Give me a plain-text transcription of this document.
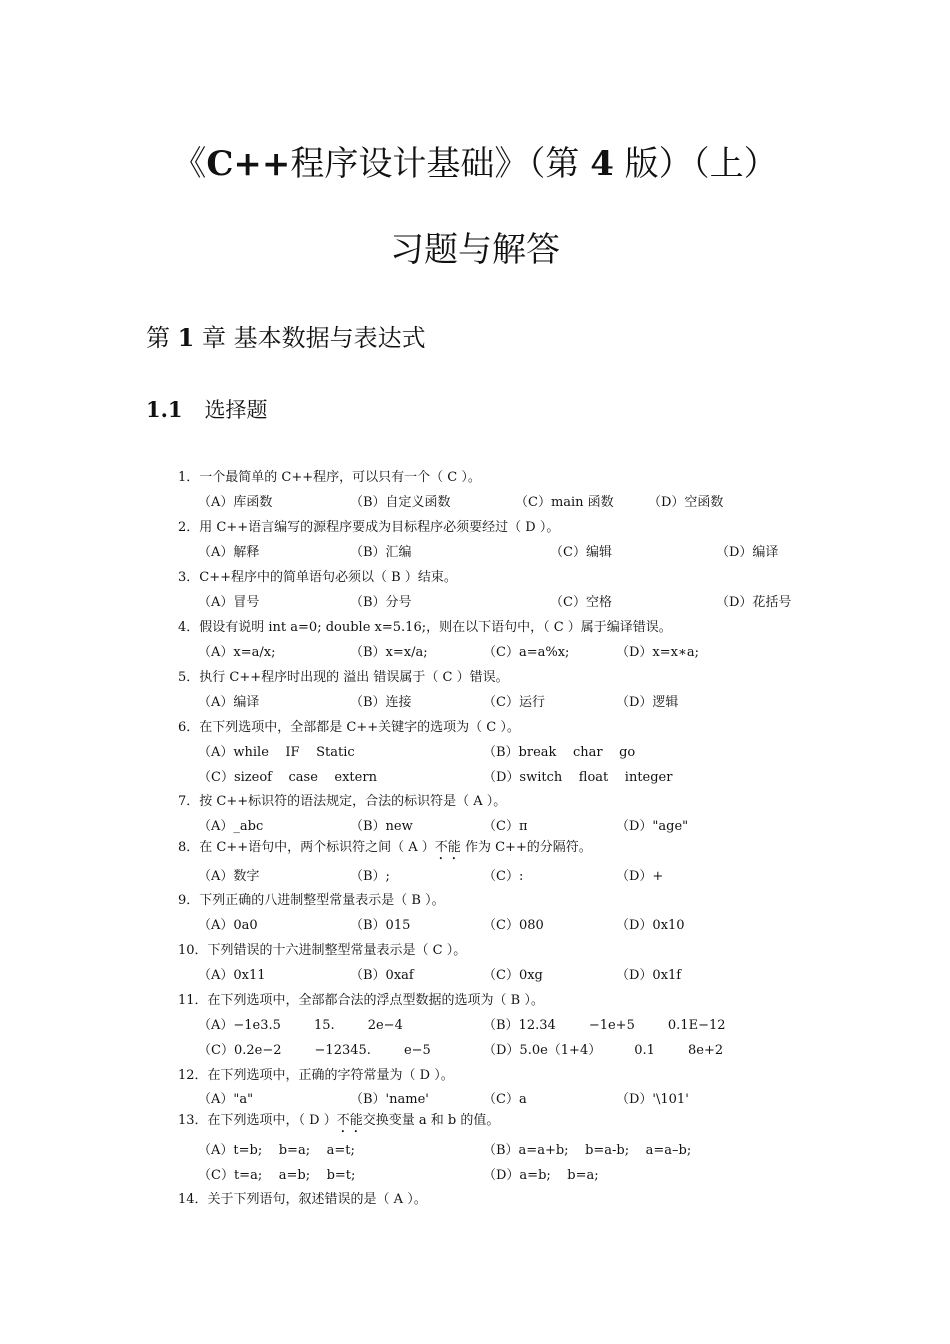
《C++程序设计基础》（第 4 版）（上）
习题与解答
第 1 章 基本数据与表达式
1.1 选择题
1．一个最简单的 C++程序，可以只有一个（ C ）。
（A）库函数	（B）自定义函数	（C）main 函数	（D）空函数
2．用 C++语言编写的源程序要成为目标程序必须要经过（ D ）。
（A）解释	（B）汇编	（C）编辑	（D）编译
3．C++程序中的简单语句必须以（ B ）结束。
（A）冒号	（B）分号	（C）空格	（D）花括号
4．假设有说明 int a=0; double x=5.16;，则在以下语句中，（ C ）属于编译错误。
（A）x=a/x;	（B）x=x/a;	（C）a=a%x;	（D）x=x∗a;
5．执行 C++程序时出现的 溢出 错误属于（ C ）错误。
（A）编译	（B）连接	（C）运行	（D）逻辑
6．在下列选项中，全部都是 C++关键字的选项为（ C ）。
（A）while    IF    Static	（B）break    char    go
（C）sizeof    case    extern	（D）switch    float    integer
7．按 C++标识符的语法规定，合法的标识符是（ A ）。
（A）_abc	（B）new	（C）π	（D）"age"
8．在 C++语句中，两个标识符之间（ A ）不能 作为 C++的分隔符。
（A）数字	（B）;	（C）:	（D）+
9．下列正确的八进制整型常量表示是（ B ）。
（A）0a0	（B）015	（C）080	（D）0x10
10．下列错误的十六进制整型常量表示是（ C ）。
（A）0x11	（B）0xaf	（C）0xg	（D）0x1f
11．在下列选项中，全部都合法的浮点型数据的选项为（ B ）。
（A）−1e3.5        15.        2e−4	（B）12.34        −1e+5        0.1E−12
（C）0.2e−2        −12345.        e−5	（D）5.0e（1+4）        0.1        8e+2
12．在下列选项中，正确的字符常量为（ D ）。
（A）"a"	（B）'name'	（C）a	（D）'\101'
13．在下列选项中，（ D ）不能交换变量 a 和 b 的值。
（A）t=b;    b=a;    a=t;	（B）a=a+b;    b=a-b;    a=a–b;
（C）t=a;    a=b;    b=t;	（D）a=b;    b=a;
14．关于下列语句，叙述错误的是（ A ）。
